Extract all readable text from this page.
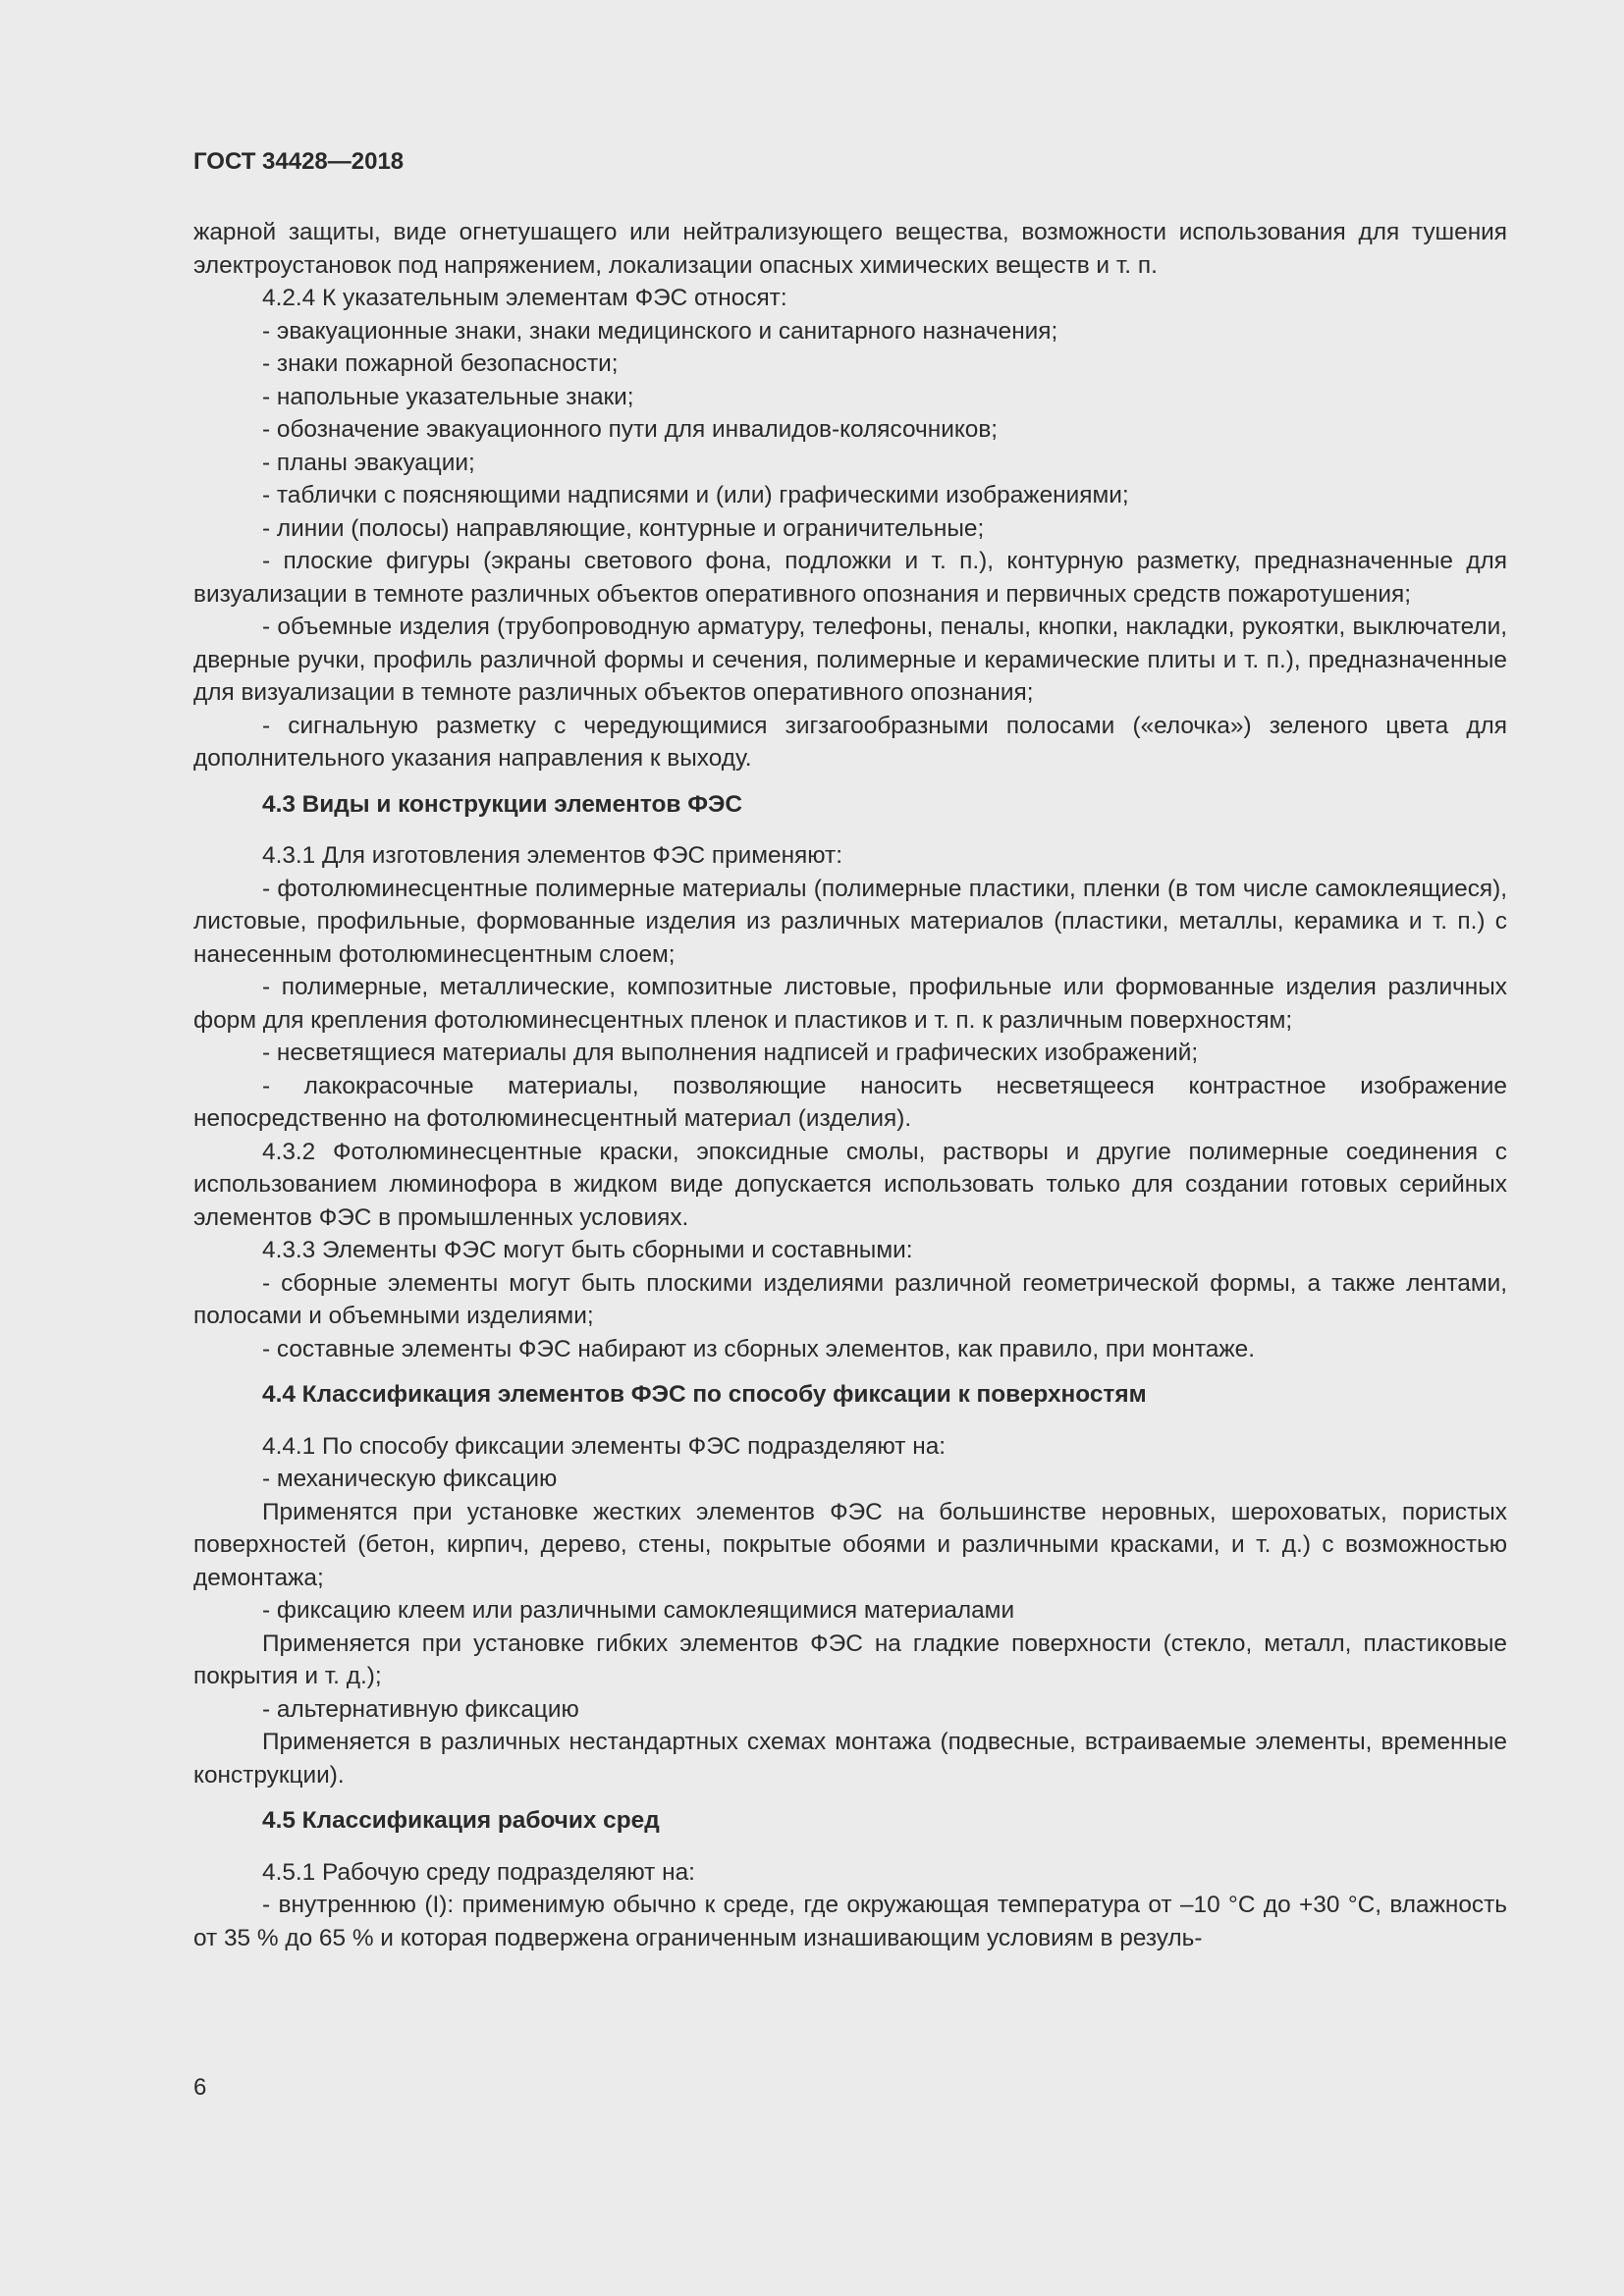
ГОСТ 34428—2018

жарной защиты, виде огнетушащего или нейтрализующего вещества, возможности использования для тушения электроустановок под напряжением, локализации опасных химических веществ и т. п.

4.2.4 К указательным элементам ФЭС относят:

- эвакуационные знаки, знаки медицинского и санитарного назначения;

- знаки пожарной безопасности;

- напольные указательные знаки;

- обозначение эвакуационного пути для инвалидов-колясочников;

- планы эвакуации;

- таблички с поясняющими надписями и (или) графическими изображениями;

- линии (полосы) направляющие, контурные и ограничительные;

- плоские фигуры (экраны светового фона, подложки и т. п.), контурную разметку, предназначенные для визуализации в темноте различных объектов оперативного опознания и первичных средств пожаротушения;

- объемные изделия (трубопроводную арматуру, телефоны, пеналы, кнопки, накладки, рукоятки, выключатели, дверные ручки, профиль различной формы и сечения, полимерные и керамические плиты и т. п.), предназначенные для визуализации в темноте различных объектов оперативного опознания;

- сигнальную разметку с чередующимися зигзагообразными полосами («елочка») зеленого цвета для дополнительного указания направления к выходу.

4.3 Виды и конструкции элементов ФЭС

4.3.1 Для изготовления элементов ФЭС применяют:

- фотолюминесцентные полимерные материалы (полимерные пластики, пленки (в том числе самоклеящиеся), листовые, профильные, формованные изделия из различных материалов (пластики, металлы, керамика и т. п.) с нанесенным фотолюминесцентным слоем;

- полимерные, металлические, композитные листовые, профильные или формованные изделия различных форм для крепления фотолюминесцентных пленок и пластиков и т. п. к различным поверхностям;

- несветящиеся материалы для выполнения надписей и графических изображений;

- лакокрасочные материалы, позволяющие наносить несветящееся контрастное изображение непосредственно на фотолюминесцентный материал (изделия).

4.3.2 Фотолюминесцентные краски, эпоксидные смолы, растворы и другие полимерные соединения с использованием люминофора в жидком виде допускается использовать только для создании готовых серийных элементов ФЭС в промышленных условиях.

4.3.3 Элементы ФЭС могут быть сборными и составными:

- сборные элементы могут быть плоскими изделиями различной геометрической формы, а также лентами, полосами и объемными изделиями;

- составные элементы ФЭС набирают из сборных элементов, как правило, при монтаже.

4.4 Классификация элементов ФЭС по способу фиксации к поверхностям

4.4.1 По способу фиксации элементы ФЭС подразделяют на:

- механическую фиксацию

Применятся при установке жестких элементов ФЭС на большинстве неровных, шероховатых, пористых поверхностей (бетон, кирпич, дерево, стены, покрытые обоями и различными красками, и т. д.) с возможностью демонтажа;

- фиксацию клеем или различными самоклеящимися материалами

Применяется при установке гибких элементов ФЭС на гладкие поверхности (стекло, металл, пластиковые покрытия и т. д.);

- альтернативную фиксацию

Применяется в различных нестандартных схемах монтажа (подвесные, встраиваемые элементы, временные конструкции).

4.5 Классификация рабочих сред

4.5.1 Рабочую среду подразделяют на:

- внутреннюю (I): применимую обычно к среде, где окружающая температура от –10 °С до +30 °С, влажность от 35 % до 65 % и которая подвержена ограниченным изнашивающим условиям в резуль-

6
